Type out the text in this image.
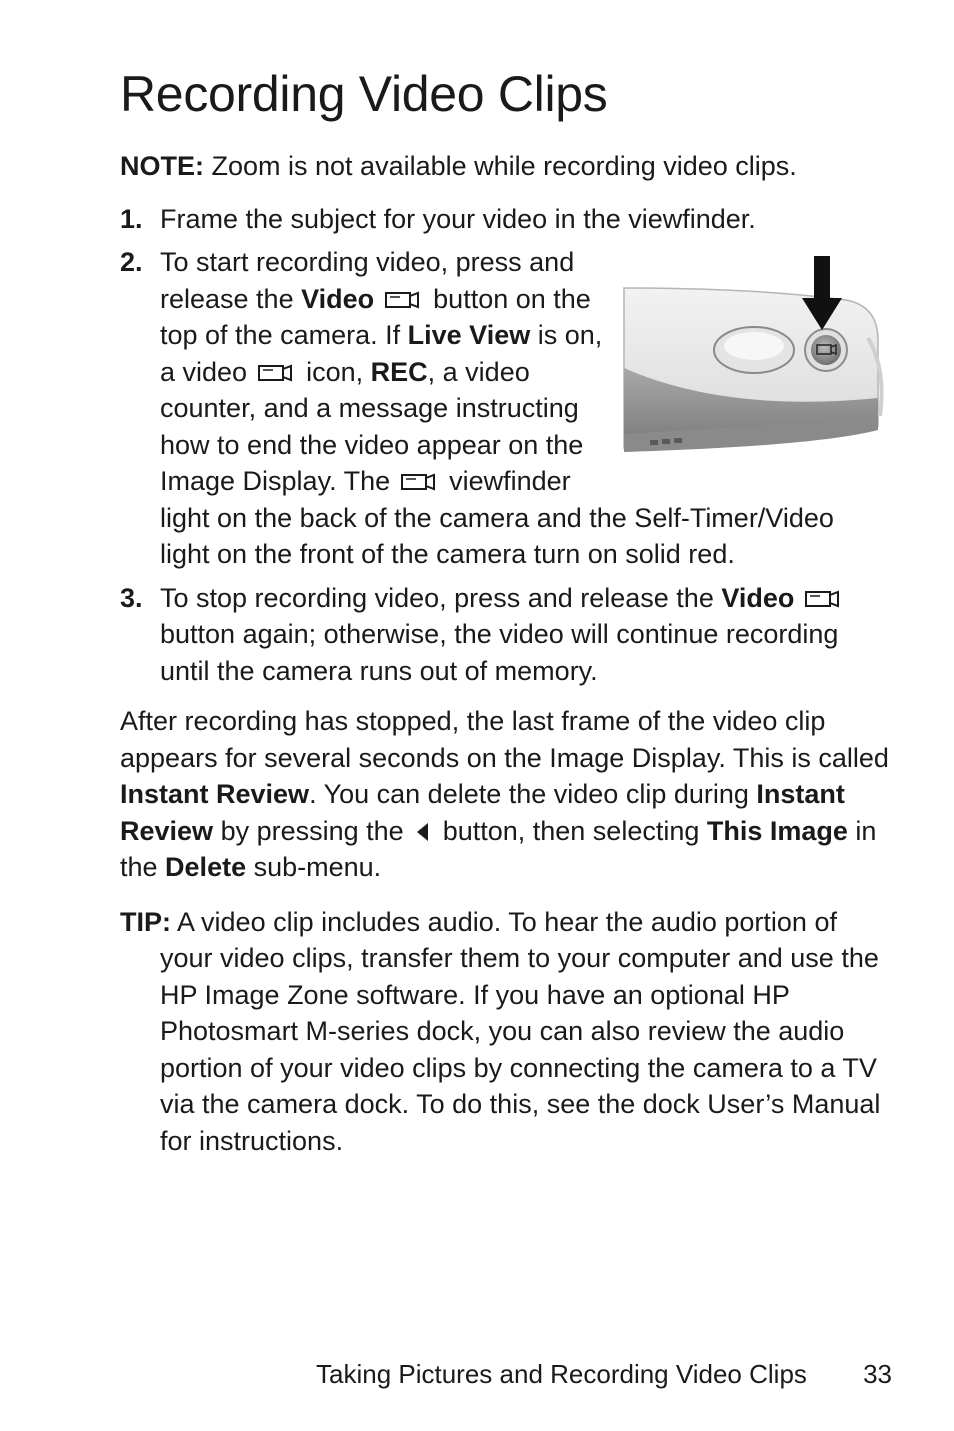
Recording Video Clips

NOTE: Zoom is not available while recording video clips.

1. Frame the subject for your video in the viewfinder.
2. To start recording video, press and release the Video  button on the top of the camera. If Live View is on, a video  icon, REC, a video counter, and a message instructing how to end the video appear on the Image Display. The  viewfinder light on the back of the camera and the Self-Timer/Video light on the front of the camera turn on solid red.
3. To stop recording video, press and release the Video  button again; otherwise, the video will continue recording until the camera runs out of memory.

After recording has stopped, the last frame of the video clip appears for several seconds on the Image Display. This is called Instant Review. You can delete the video clip during Instant Review by pressing the  button, then selecting This Image in the Delete sub-menu.

TIP: A video clip includes audio. To hear the audio portion of your video clips, transfer them to your computer and use the HP Image Zone software. If you have an optional HP Photosmart M-series dock, you can also review the audio portion of your video clips by connecting the camera to a TV via the camera dock. To do this, see the dock User’s Manual for instructions.

Taking Pictures and Recording Video Clips 33
